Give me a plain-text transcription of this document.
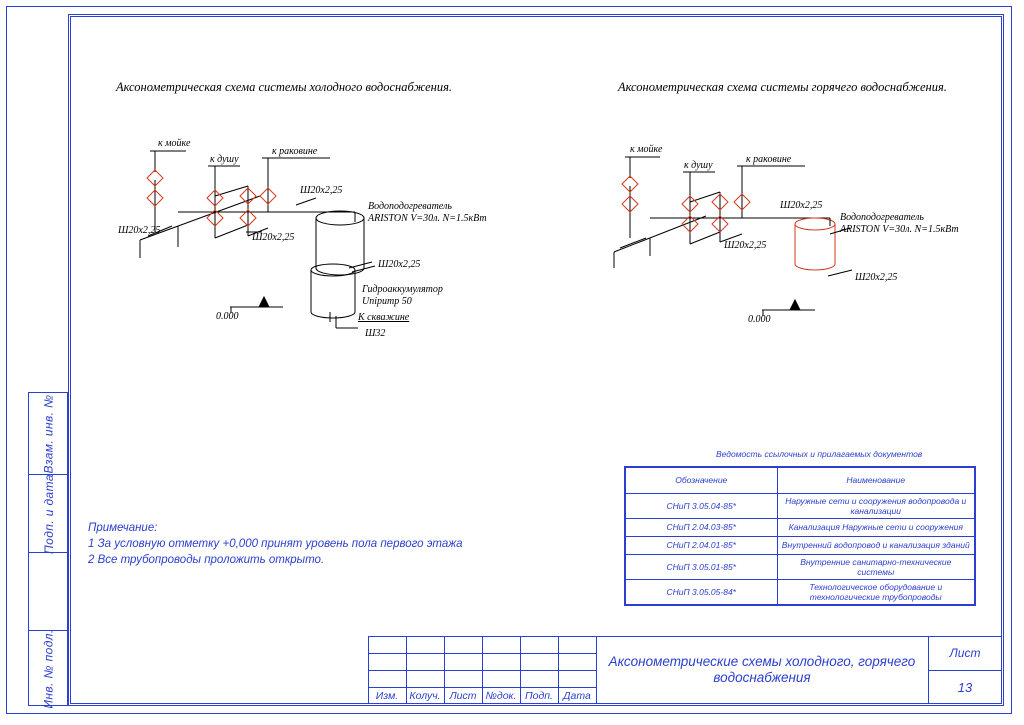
Взам. инв. №
Подп. и дата
Инв. № подл.
Аксонометрическая схема системы холодного водоснабжения.
к мойке
к душу
к раковине
Ш20x2,25
Ш20x2,25
Ш20x2,25
Ш20x2,25
Водоподогреватель
ARISTON V=30л. N=1.5кВт
Гидроаккумулятор
Unipump 50
К скважине
Ш32
0.000
Аксонометрическая схема системы горячего водоснабжения.
к мойке
к душу
к раковине
Ш20x2,25
Ш20x2,25
Ш20x2,25
Водоподогреватель
ARISTON V=30л. N=1.5кВт
0.000
Примечание:
1 За условную отметку +0,000 принят уровень пола первого этажа
2 Все трубопроводы проложить открыто.
Ведомость ссылочных и прилагаемых документов
Обозначение	Наименование
СНиП 3.05.04-85*	Наружные сети и сооружения водопровода и канализации
СНиП 2.04.03-85*	Канализация Наружные сети и сооружения
СНиП 2.04.01-85*	Внутренний водопровод и канализация зданий
СНиП 3.05.01-85*	Внутренние санитарно-технические системы
СНиП 3.05.05-84*	Технологическое оборудование и технологические трубопроводы
Изм.	Колуч. Лист №док. Подп. Дата
Аксонометрические схемы холодного, горячего водоснабжения
Лист
13
